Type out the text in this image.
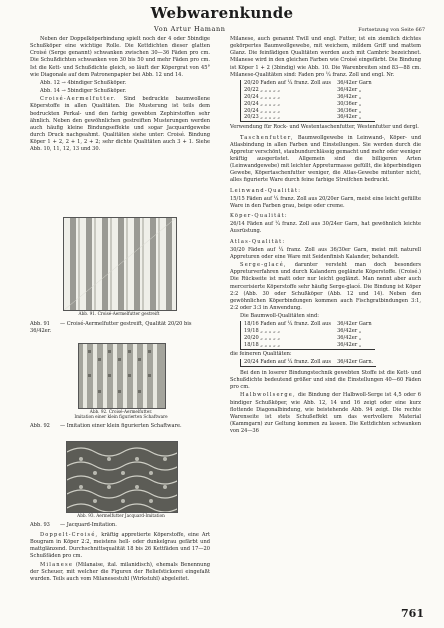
Webwarenkunde
Von Artur Hamann	Fortsetzung von Seite 667

Neben der Doppelköperbindung spielt noch der 4 oder 5bindige Schußköper eine wichtige Rolle. Die Kettdichten dieser glatten Croisé (Serge genannt) schwanken zwischen 30—36 Fäden pro cm. Die Schußdichten schwanken von 30 bis 50 und mehr Fäden pro cm. Ist die Kett- und Schußdichte gleich, so läuft der Köpergrat von 45° wie Diagonale auf dem Patronenpapier bei Abb. 12 und 14.

Abb. 12 → 4bindiger Schußköper.

Abb. 14 → 5bindiger Schußköper.

Croisé-Aermelfutter. Sind bedruckte baumwollene Köperstoffe in allen Qualitäten. Die Musterung ist teils dem bedruckten Perkal- und den farbig gewebten Zephirstoffen sehr ähnlich. Neben den gewöhnlichen gestreiften Musterungen werden auch häufig kleine Bindungseffekte und sogar Jacquardgewebe durch Druck nachgeahmt. Qualitäten siehe unter: Croisé. Bindung Köper 1 + 2, 2 + 1, 2 + 2; sehr dichte Qualitäten auch 3 + 1. Siehe Abb. 10, 11, 12, 13 und 30.

Abb. 91. Croisé-Aermelfutter gestreift
Abb. 91 — Croisé-Aermelfutter gestreift, Qualität 20/20 bis 36/42er.
Abb. 92. Croisé-Aermelfutter.
Imitation einer klein figurierten Schaftware
Abb. 92 — Imitation einer klein figurierten Schaftware.
Abb. 93. Aermelfutter Jacquard-Imitation
Abb. 93 — Jacquard-Imitation.

Doppelt-Croisé, kräftig appretierte Köperstoffe, eine Art Bougram in Köper 2:2, meistens hell- oder dunkelgrau gefärbt und mattglänzend. Durchschnittsqualität 18 bis 26 Kettfäden und 17—20 Schußfäden pro cm.

Milanese (Milanaise, ital. milanidisch), ehemals Benennung der Scheuer, mit welcher die Figuren der Reliefstickerei eingefaßt wurden. Teils auch vom Milanesestuhl (Wirkstuhl) abgeleitet.

Milanese, auch genannt Twill und engl. Futter, ist ein ziemlich dichtes gekörpertes Baumwollgewebe, mit weichem, mildem Griff und mattem Glanz. Die feinfädigen Qualitäten werden auch mit Cambric bezeichnet. Milanese wird in den gleichen Farben wie Croisé eingefärbt. Die Bindung ist Köper 1 + 2 (3bindig) wie Abb. 10. Die Warenbreiten sind 83—88 cm. Milanese-Qualitäten sind: Faden pro ¼ franz. Zoll und engl. Nr.

20/20 Faden auf ¼ franz. Zoll aus	36/42er Garn
20/22 „ „ „ „ „	36/42er „
20/24 „ „ „ „ „	36/42er „
20/24 „ „ „ „ „	30/36er „
20/24 „ „ „ „ „	36/36er „
20/23 „ „ „ „ „	36/42er „

Verwendung für Rock- und Westentaschenfutter, Westenfutter und dergl.

Taschenfutter, Baumwollgewebe in Leinwand-, Köper- und Atlasbindung in allen Farben und Einstellungen. Sie werden durch die Appretur verschönt, staubundurchlässig gemacht und mehr oder weniger kräftig ausgerüstet. Allgemein sind die billigeren Arten (Leinwandgewebe) mit leichter Appreturmasse gefüllt, die köperbindigen Gewebe, Köpertaschenfutter weniger, die Atlas-Gewebe mitunter nicht, alles figurierte Ware durch feine farbige Streifchen bedruckt.

Leinwand-Qualität:

15/15 Fäden auf ¼ franz. Zoll aus 20/20er Garn, meist eine leicht gefüllte Ware in den Farben grau, beige oder creme.

Köper-Qualität:

26/14 Fäden auf ¼ franz. Zoll aus 30/24er Garn, hat gewöhnlich leichte Ausrüstung.

Atlas-Qualität:

30/20 Fäden auf ¼ franz. Zoll aus 36/30er Garn, meist mit naturell Appreturen oder eine Ware mit Seidenfinish Kalander, behandelt.

Serge-glacé, darunter versteht man doch besonders Appreturverfahren und durch Kalandern geglänzte Köperstoffe. (Croisé.) Die Rückseite ist matt oder nur leicht geglänzt. Man nennt aber auch mercerisierte Köperstoffe sehr häufig Serge-glacé. Die Bindung ist Köper 2:2 (Abb. 30 oder Schußköper (Abb. 12 und 14). Neben den gewöhnlichen Köperbindungen kommen auch Fischgratbindungen 3:1, 2:2 oder 3:3 in Anwendung.

Die Baumwoll-Qualitäten sind:

18/16 Faden auf ¼ franz. Zoll aus	36/42er Garn
19/18 „ „ „ „ „	36/42er „
20/20 „ „ „ „ „	36/42er „
18/18 „ „ „ „ „	36/42er „

die feineren Qualitäten:

20/24 Faden auf ¼ franz. Zoll aus	36/42er Garn.

Bei den in loserer Bindungstechnik gewebten Stoffe ist die Kett- und Schußdichte bedeutend größer und sind die Einstellungen 40—60 Fäden pro cm.

Halbwollserge, die Bindung der Halbwoll-Serge ist 4,5 oder 6 bindiger Schußköper, wie Abb. 12, 14 und 16 zeigt oder eine kurz flottende Diagonalbindung, wie beistehende Abb. 94 zeigt. Die rechte Warenseite ist stets Schußeffekt um das wertvollere Material (Kammgarn) zur Geltung kommen zu lassen. Die Kettdichten schwanken von 24—36

761
